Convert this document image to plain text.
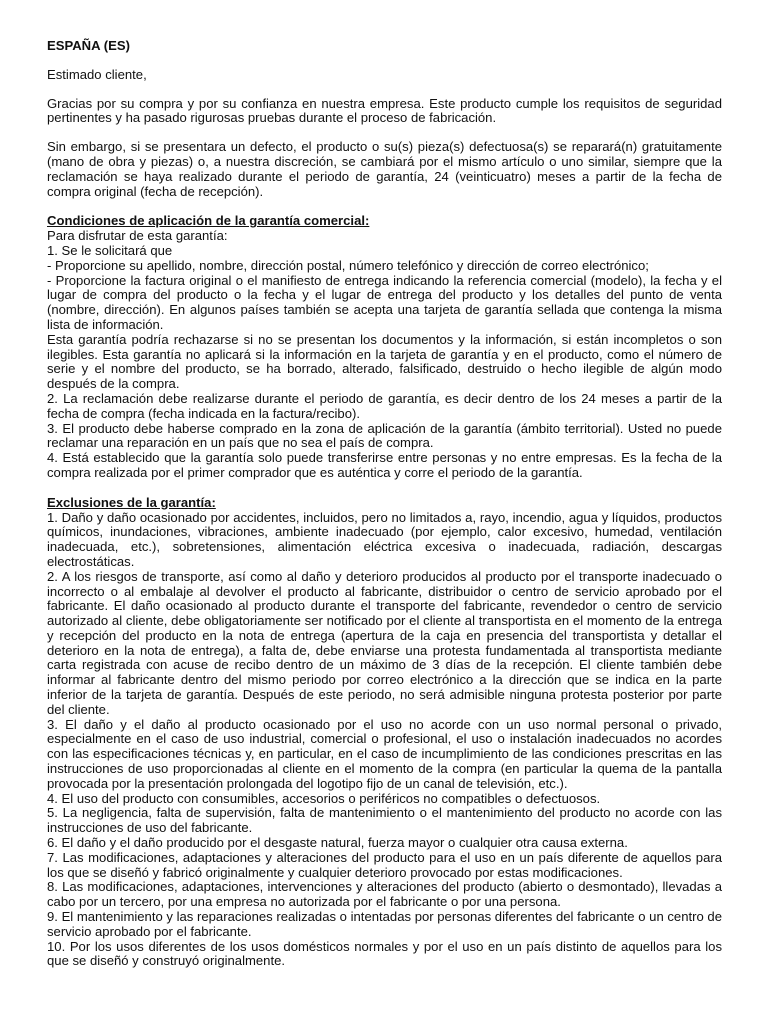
ESPAÑA (ES)

Estimado cliente,

Gracias por su compra y por su confianza en nuestra empresa. Este producto cumple los requisitos de seguridad pertinentes y ha pasado rigurosas pruebas durante el proceso de fabricación.

Sin embargo, si se presentara un defecto, el producto o su(s) pieza(s) defectuosa(s) se reparará(n) gratuitamente (mano de obra y piezas) o, a nuestra discreción, se cambiará por el mismo artículo o uno similar, siempre que la reclamación se haya realizado durante el periodo de garantía, 24 (veinticuatro) meses a partir de la fecha de compra original (fecha de recepción).

Condiciones de aplicación de la garantía comercial:

Para disfrutar de esta garantía:

1. Se le solicitará que

- Proporcione su apellido, nombre, dirección postal, número telefónico y dirección de correo electrónico;

- Proporcione la factura original o el manifiesto de entrega indicando la referencia comercial (modelo), la fecha y el lugar de compra del producto o la fecha y el lugar de entrega del producto y los detalles del punto de venta (nombre, dirección). En algunos países también se acepta una tarjeta de garantía sellada que contenga la misma lista de información.

Esta garantía podría rechazarse si no se presentan los documentos y la información, si están incompletos o son ilegibles. Esta garantía no aplicará si la información en la tarjeta de garantía y en el producto, como el número de serie y el nombre del producto, se ha borrado, alterado, falsificado, destruido o hecho ilegible de algún modo después de la compra.

2. La reclamación debe realizarse durante el periodo de garantía, es decir dentro de los 24 meses a partir de la fecha de compra (fecha indicada en la factura/recibo).

3. El producto debe haberse comprado en la zona de aplicación de la garantía (ámbito territorial). Usted no puede reclamar una reparación en un país que no sea el país de compra.

4. Está establecido que la garantía solo puede transferirse entre personas y no entre empresas. Es la fecha de la compra realizada por el primer comprador que es auténtica y corre el periodo de la garantía.

Exclusiones de la garantía:

1. Daño y daño ocasionado por accidentes, incluidos, pero no limitados a, rayo, incendio, agua y líquidos, productos químicos, inundaciones, vibraciones, ambiente inadecuado (por ejemplo, calor excesivo, humedad, ventilación inadecuada, etc.), sobretensiones, alimentación eléctrica excesiva o inadecuada, radiación, descargas electrostáticas.

2. A los riesgos de transporte, así como al daño y deterioro producidos al producto por el transporte inadecuado o incorrecto o al embalaje al devolver el producto al fabricante, distribuidor o centro de servicio aprobado por el fabricante. El daño ocasionado al producto durante el transporte del fabricante, revendedor o centro de servicio autorizado al cliente, debe obligatoriamente ser notificado por el cliente al transportista en el momento de la entrega y recepción del producto en la nota de entrega (apertura de la caja en presencia del transportista y detallar el deterioro en la nota de entrega), a falta de, debe enviarse una protesta fundamentada al transportista mediante carta registrada con acuse de recibo dentro de un máximo de 3 días de la recepción. El cliente también debe informar al fabricante dentro del mismo periodo por correo electrónico a la dirección que se indica en la parte inferior de la tarjeta de garantía. Después de este periodo, no será admisible ninguna protesta posterior por parte del cliente.

3. El daño y el daño al producto ocasionado por el uso no acorde con un uso normal personal o privado, especialmente en el caso de uso industrial, comercial o profesional, el uso o instalación inadecuados no acordes con las especificaciones técnicas y, en particular, en el caso de incumplimiento de las condiciones prescritas en las instrucciones de uso proporcionadas al cliente en el momento de la compra (en particular la quema de la pantalla provocada por la presentación prolongada del logotipo fijo de un canal de televisión, etc.).

4. El uso del producto con consumibles, accesorios o periféricos no compatibles o defectuosos.

5. La negligencia, falta de supervisión, falta de mantenimiento o el mantenimiento del producto no acorde con las instrucciones de uso del fabricante.

6. El daño y el daño producido por el desgaste natural, fuerza mayor o cualquier otra causa externa.

7. Las modificaciones, adaptaciones y alteraciones del producto para el uso en un país diferente de aquellos para los que se diseñó y fabricó originalmente y cualquier deterioro provocado por estas modificaciones.

8. Las modificaciones, adaptaciones, intervenciones y alteraciones del producto (abierto o desmontado), llevadas a cabo por un tercero, por una empresa no autorizada por el fabricante o por una persona.

9. El mantenimiento y las reparaciones realizadas o intentadas por personas diferentes del fabricante o un centro de servicio aprobado por el fabricante.

10. Por los usos diferentes de los usos domésticos normales y por el uso en un país distinto de aquellos para los que se diseñó y construyó originalmente.
